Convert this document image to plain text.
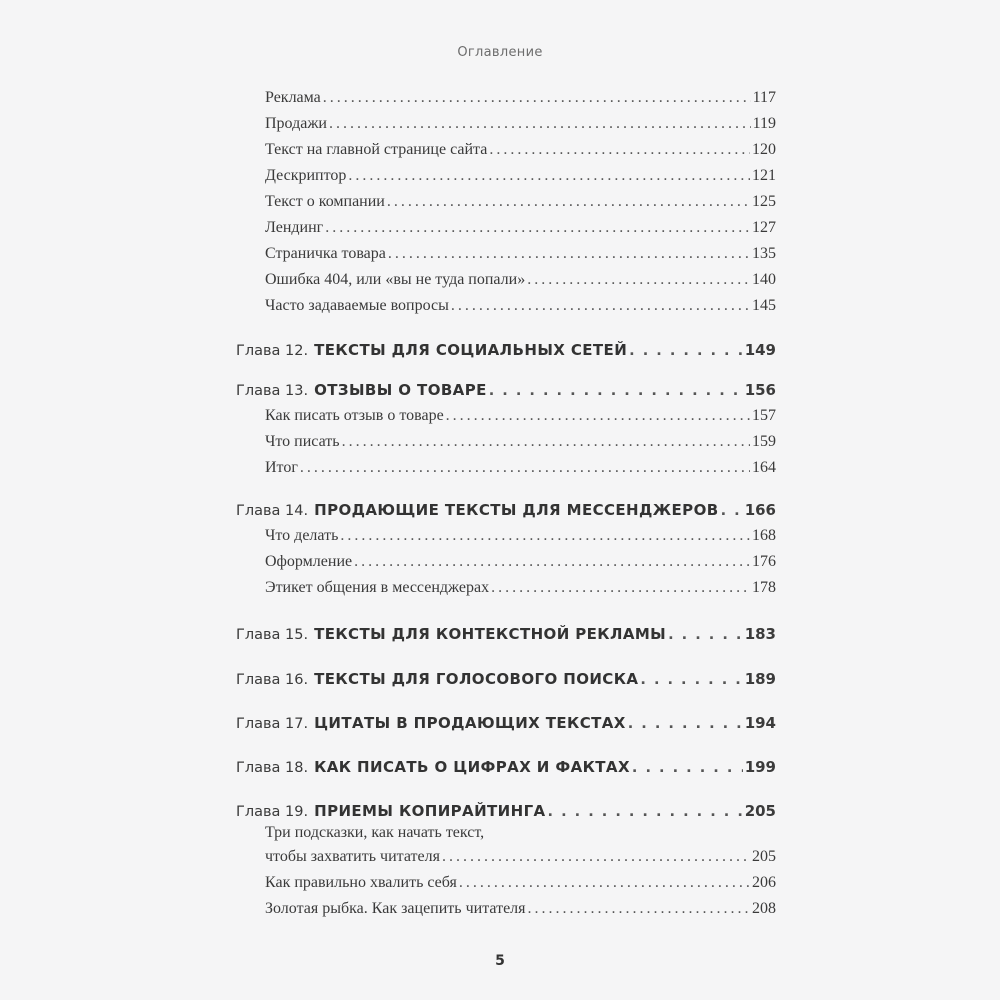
Оглавление
Реклама . . .	117
Продажи . . .	119
Текст на главной странице сайта . . .	120
Дескриптор . . .	121
Текст о компании . . .	125
Лендинг . . .	127
Страничка товара . . .	135
Ошибка 404, или «вы не туда попали» . . .	140
Часто задаваемые вопросы . . .	145
Глава 12. ТЕКСТЫ ДЛЯ СОЦИАЛЬНЫХ СЕТЕЙ . . .	149
Глава 13. ОТЗЫВЫ О ТОВАРЕ . . .	156
Как писать отзыв о товаре . . .	157
Что писать . . .	159
Итог . . .	164
Глава 14. ПРОДАЮЩИЕ ТЕКСТЫ ДЛЯ МЕССЕНДЖЕРОВ . . . 166
Что делать . . .	168
Оформление . . .	176
Этикет общения в мессенджерах . . .	178
Глава 15. ТЕКСТЫ ДЛЯ КОНТЕКСТНОЙ РЕКЛАМЫ . . .	183
Глава 16. ТЕКСТЫ ДЛЯ ГОЛОСОВОГО ПОИСКА . . .	189
Глава 17. ЦИТАТЫ В ПРОДАЮЩИХ ТЕКСТАХ . . .	194
Глава 18. КАК ПИСАТЬ О ЦИФРАХ И ФАКТАХ . . .	199
Глава 19. ПРИЕМЫ КОПИРАЙТИНГА . . .	205
Три подсказки, как начать текст,
чтобы захватить читателя . . .	205
Как правильно хвалить себя . . .	206
Золотая рыбка. Как зацепить читателя . . .	208
5
